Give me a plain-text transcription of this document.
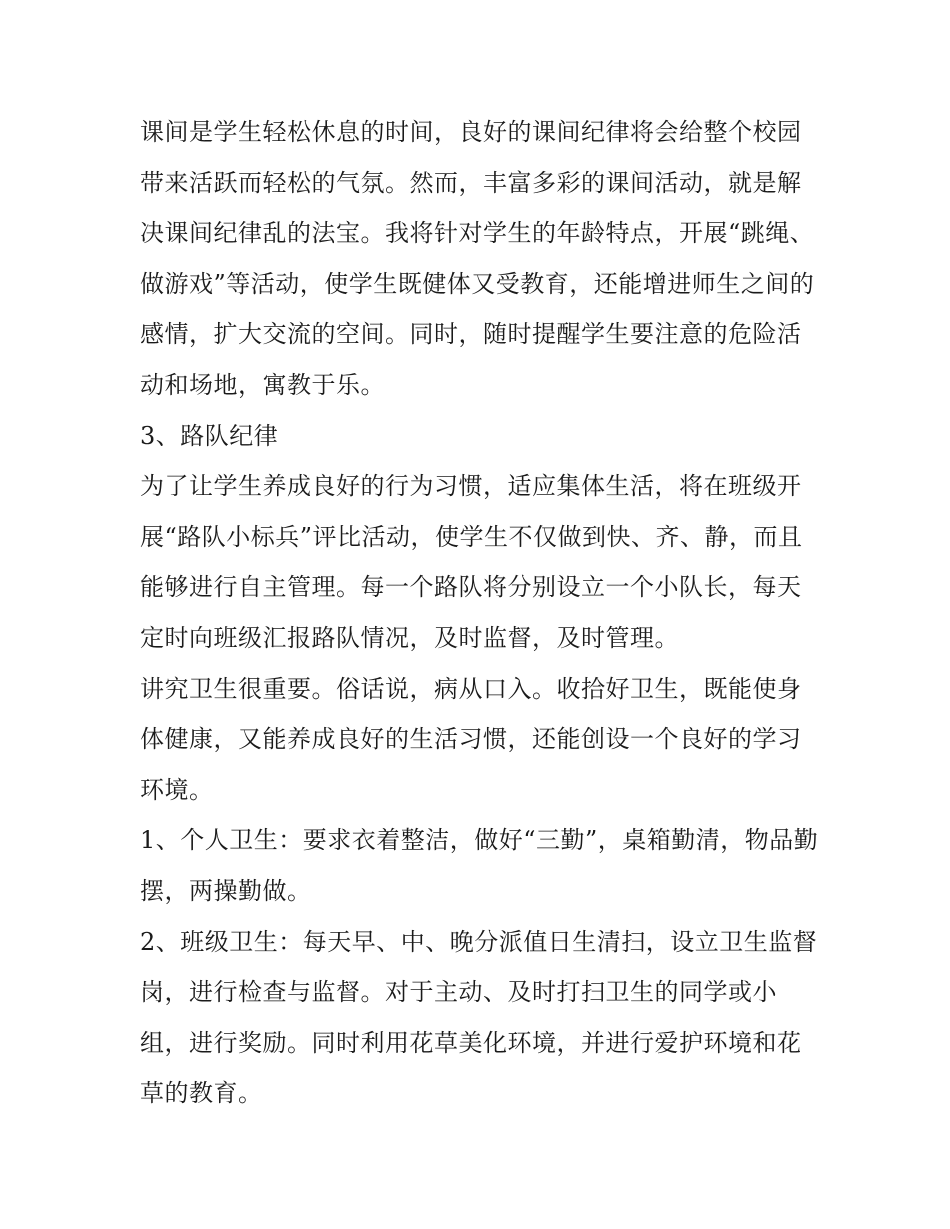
课间是学生轻松休息的时间，良好的课间纪律将会给整个校园带来活跃而轻松的气氛。然而，丰富多彩的课间活动，就是解决课间纪律乱的法宝。我将针对学生的年龄特点，开展“跳绳、做游戏”等活动，使学生既健体又受教育，还能增进师生之间的感情，扩大交流的空间。同时，随时提醒学生要注意的危险活动和场地，寓教于乐。

3、路队纪律

为了让学生养成良好的行为习惯，适应集体生活，将在班级开展“路队小标兵”评比活动，使学生不仅做到快、齐、静，而且能够进行自主管理。每一个路队将分别设立一个小队长，每天定时向班级汇报路队情况，及时监督，及时管理。

讲究卫生很重要。俗话说，病从口入。收拾好卫生，既能使身体健康，又能养成良好的生活习惯，还能创设一个良好的学习环境。

1、个人卫生：要求衣着整洁，做好“三勤”，桌箱勤清，物品勤摆，两操勤做。

2、班级卫生：每天早、中、晚分派值日生清扫，设立卫生监督岗，进行检查与监督。对于主动、及时打扫卫生的同学或小组，进行奖励。同时利用花草美化环境，并进行爱护环境和花草的教育。
